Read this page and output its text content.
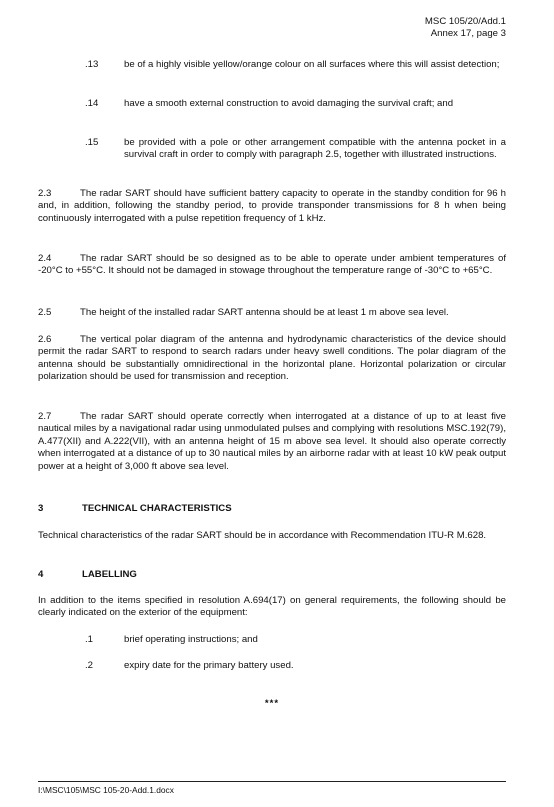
MSC 105/20/Add.1
Annex 17, page 3
.13	be of a highly visible yellow/orange colour on all surfaces where this will assist detection;
.14	have a smooth external construction to avoid damaging the survival craft; and
.15	be provided with a pole or other arrangement compatible with the antenna pocket in a survival craft in order to comply with paragraph 2.5, together with illustrated instructions.
2.3	The radar SART should have sufficient battery capacity to operate in the standby condition for 96 h and, in addition, following the standby period, to provide transponder transmissions for 8 h when being continuously interrogated with a pulse repetition frequency of 1 kHz.
2.4	The radar SART should be so designed as to be able to operate under ambient temperatures of -20°C to +55°C. It should not be damaged in stowage throughout the temperature range of -30°C to +65°C.
2.5	The height of the installed radar SART antenna should be at least 1 m above sea level.
2.6	The vertical polar diagram of the antenna and hydrodynamic characteristics of the device should permit the radar SART to respond to search radars under heavy swell conditions. The polar diagram of the antenna should be substantially omnidirectional in the horizontal plane. Horizontal polarization or circular polarization should be used for transmission and reception.
2.7	The radar SART should operate correctly when interrogated at a distance of up to at least five nautical miles by a navigational radar using unmodulated pulses and complying with resolutions MSC.192(79), A.477(XII) and A.222(VII), with an antenna height of 15 m above sea level. It should also operate correctly when interrogated at a distance of up to 30 nautical miles by an airborne radar with at least 10 kW peak output power at a height of 3,000 ft above sea level.
3	TECHNICAL CHARACTERISTICS
Technical characteristics of the radar SART should be in accordance with Recommendation ITU-R M.628.
4	LABELLING
In addition to the items specified in resolution A.694(17) on general requirements, the following should be clearly indicated on the exterior of the equipment:
.1	brief operating instructions; and
.2	expiry date for the primary battery used.
***
I:\MSC\105\MSC 105-20-Add.1.docx
